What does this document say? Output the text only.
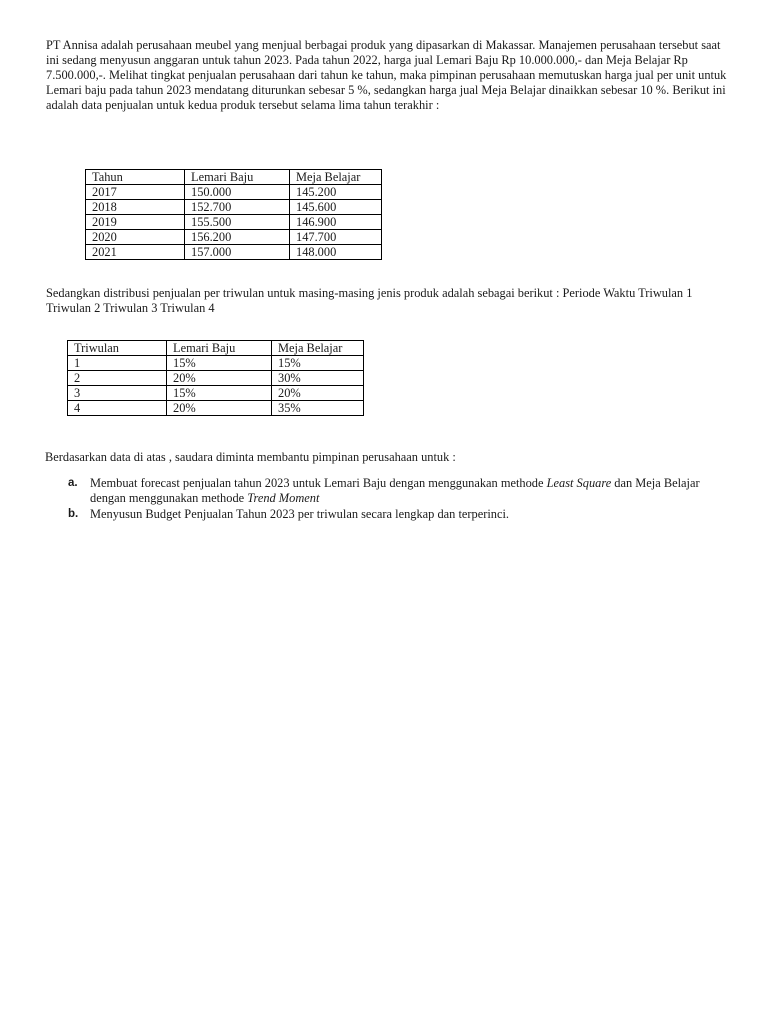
PT Annisa adalah perusahaan meubel yang menjual berbagai produk yang dipasarkan di Makassar. Manajemen perusahaan tersebut saat ini sedang menyusun anggaran untuk tahun 2023. Pada tahun 2022, harga jual Lemari Baju Rp 10.000.000,- dan Meja Belajar Rp 7.500.000,-. Melihat tingkat penjualan perusahaan dari tahun ke tahun, maka pimpinan perusahaan memutuskan harga jual per unit untuk Lemari baju pada tahun 2023 mendatang diturunkan sebesar 5 %, sedangkan harga jual Meja Belajar dinaikkan sebesar 10 %. Berikut ini adalah data penjualan untuk kedua produk tersebut selama lima tahun terakhir :

Tahun	Lemari Baju	Meja Belajar
2017	150.000	145.200
2018	152.700	145.600
2019	155.500	146.900
2020	156.200	147.700
2021	157.000	148.000

Sedangkan distribusi penjualan per triwulan untuk masing-masing jenis produk adalah sebagai berikut : Periode Waktu Triwulan 1 Triwulan 2 Triwulan 3 Triwulan 4

Triwulan	Lemari Baju	Meja Belajar
1	15%	15%
2	20%	30%
3	15%	20%
4	20%	35%

Berdasarkan data di atas , saudara diminta membantu pimpinan perusahaan untuk :

a. Membuat forecast penjualan tahun 2023 untuk Lemari Baju dengan menggunakan methode Least Square dan Meja Belajar dengan menggunakan methode Trend Moment
b. Menyusun Budget Penjualan Tahun 2023 per triwulan secara lengkap dan terperinci.
